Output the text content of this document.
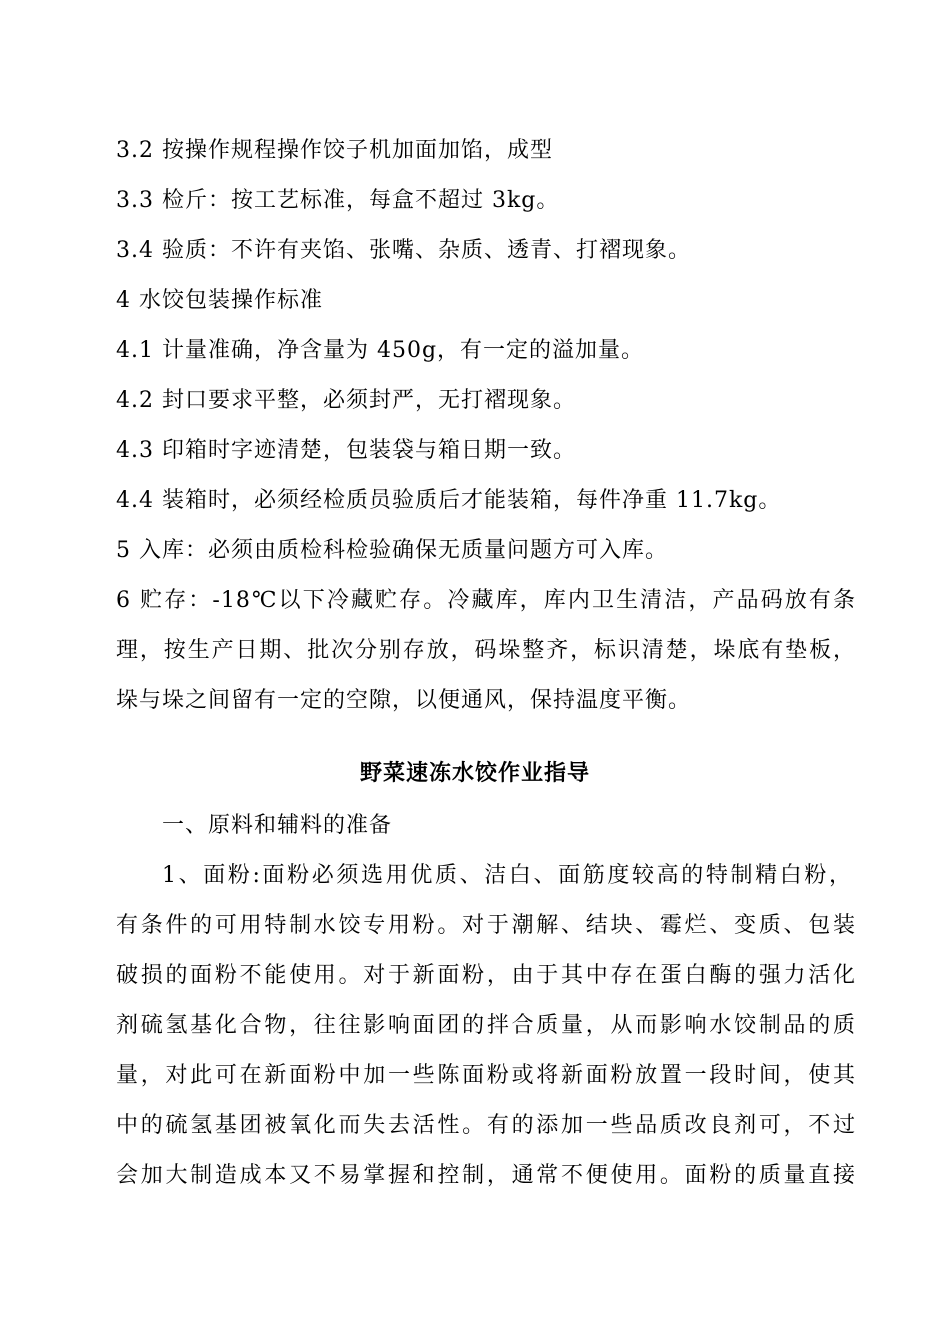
3.2 按操作规程操作饺子机加面加馅，成型
3.3 检斤：按工艺标准，每盒不超过 3kg。
3.4 验质：不许有夹馅、张嘴、杂质、透青、打褶现象。
4 水饺包装操作标准
4.1 计量准确，净含量为 450g，有一定的溢加量。
4.2 封口要求平整，必须封严，无打褶现象。
4.3 印箱时字迹清楚，包装袋与箱日期一致。
4.4 装箱时，必须经检质员验质后才能装箱，每件净重 11.7kg。
5 入库：必须由质检科检验确保无质量问题方可入库。
6 贮存：-18℃以下冷藏贮存。冷藏库，库内卫生清洁，产品码放有条
理，按生产日期、批次分别存放，码垛整齐，标识清楚，垛底有垫板，
垛与垛之间留有一定的空隙，以便通风，保持温度平衡。
野菜速冻水饺作业指导
一、原料和辅料的准备
1、面粉:面粉必须选用优质、洁白、面筋度较高的特制精白粉，
有条件的可用特制水饺专用粉。对于潮解、结块、霉烂、变质、包装
破损的面粉不能使用。对于新面粉，由于其中存在蛋白酶的强力活化
剂硫氢基化合物，往往影响面团的拌合质量，从而影响水饺制品的质
量，对此可在新面粉中加一些陈面粉或将新面粉放置一段时间，使其
中的硫氢基团被氧化而失去活性。有的添加一些品质改良剂可，不过
会加大制造成本又不易掌握和控制，通常不便使用。面粉的质量直接
